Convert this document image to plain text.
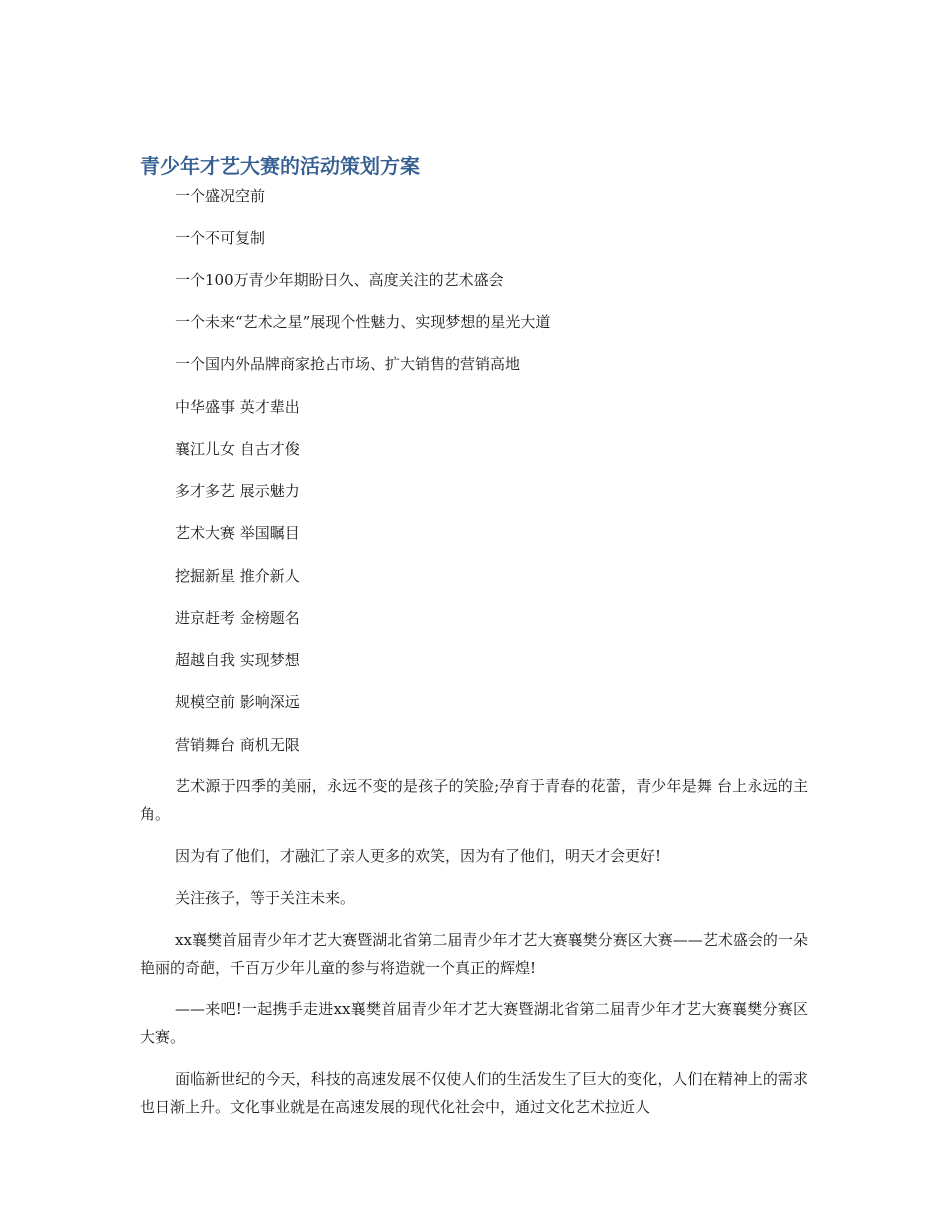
青少年才艺大赛的活动策划方案

一个盛况空前

一个不可复制

一个100万青少年期盼日久、高度关注的艺术盛会

一个未来“艺术之星”展现个性魅力、实现梦想的星光大道

一个国内外品牌商家抢占市场、扩大销售的营销高地

中华盛事 英才辈出

襄江儿女 自古才俊

多才多艺 展示魅力

艺术大赛 举国瞩目

挖掘新星 推介新人

进京赶考 金榜题名

超越自我 实现梦想

规模空前 影响深远

营销舞台 商机无限

艺术源于四季的美丽，永远不变的是孩子的笑脸;孕育于青春的花蕾，青少年是舞 台上永远的主角。

因为有了他们，才融汇了亲人更多的欢笑，因为有了他们，明天才会更好!

关注孩子，等于关注未来。

xx襄樊首届青少年才艺大赛暨湖北省第二届青少年才艺大赛襄樊分赛区大赛——艺术盛会的一朵艳丽的奇葩，千百万少年儿童的参与将造就一个真正的辉煌!

——来吧!一起携手走进xx襄樊首届青少年才艺大赛暨湖北省第二届青少年才艺大赛襄樊分赛区大赛。

面临新世纪的今天，科技的高速发展不仅使人们的生活发生了巨大的变化，人们在精神上的需求也日渐上升。文化事业就是在高速发展的现代化社会中，通过文化艺术拉近人
